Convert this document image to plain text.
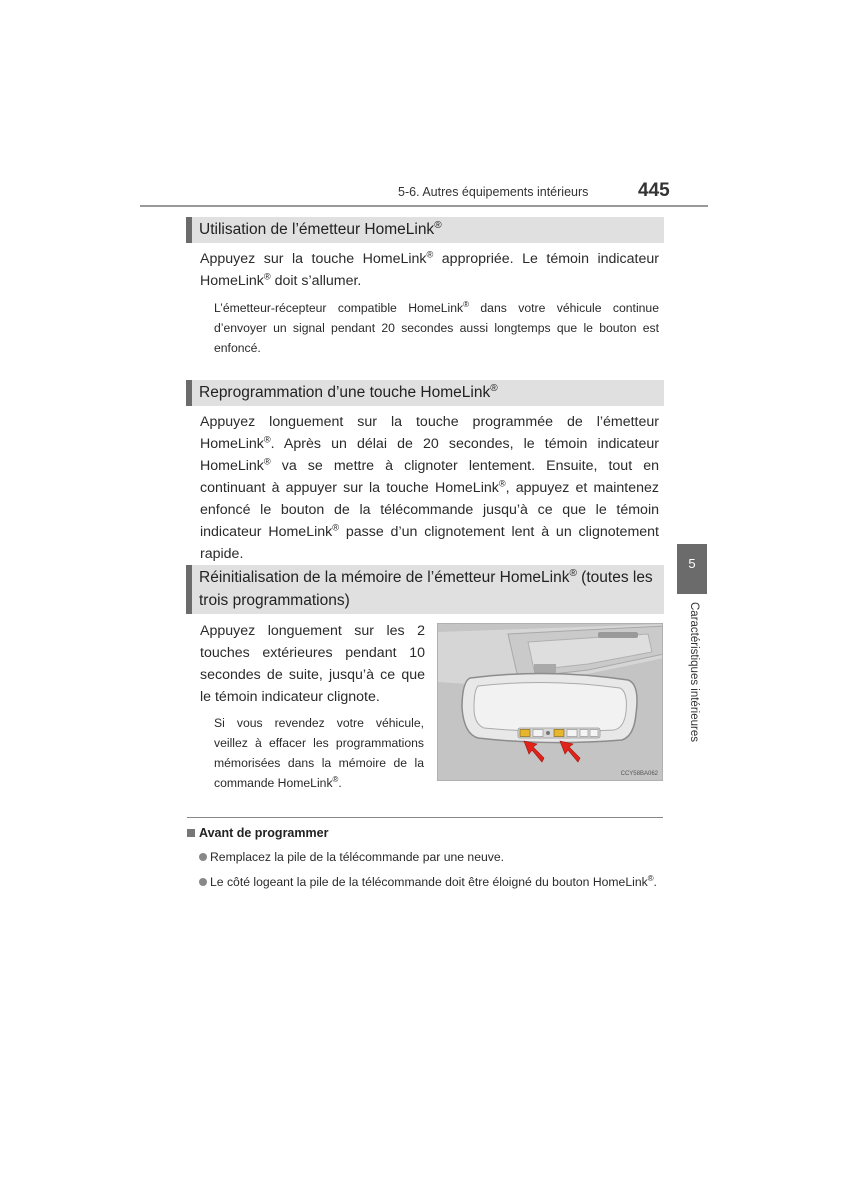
5-6. Autres équipements intérieurs	445
Utilisation de l’émetteur HomeLink®

Appuyez sur la touche HomeLink® appropriée. Le témoin indicateur HomeLink® doit s’allumer.

L’émetteur-récepteur compatible HomeLink® dans votre véhicule continue d’envoyer un signal pendant 20 secondes aussi longtemps que le bouton est enfoncé.

Reprogrammation d’une touche HomeLink®

Appuyez longuement sur la touche programmée de l’émetteur HomeLink®. Après un délai de 20 secondes, le témoin indicateur HomeLink® va se mettre à clignoter lentement. Ensuite, tout en continuant à appuyer sur la touche HomeLink®, appuyez et maintenez enfoncé le bouton de la télécommande jusqu’à ce que le témoin indicateur HomeLink® passe d’un clignotement lent à un clignotement rapide.

Réinitialisation de la mémoire de l’émetteur HomeLink® (toutes les trois programmations)

Appuyez longuement sur les 2 touches extérieures pendant 10 secondes de suite, jusqu’à ce que le témoin indicateur clignote.

Si vous revendez votre véhicule, veillez à effacer les programmations mémorisées dans la mémoire de la commande HomeLink®.

CCY58BA062
5
Caractéristiques intérieures
Avant de programmer
Remplacez la pile de la télécommande par une neuve.
Le côté logeant la pile de la télécommande doit être éloigné du bouton HomeLink®.
